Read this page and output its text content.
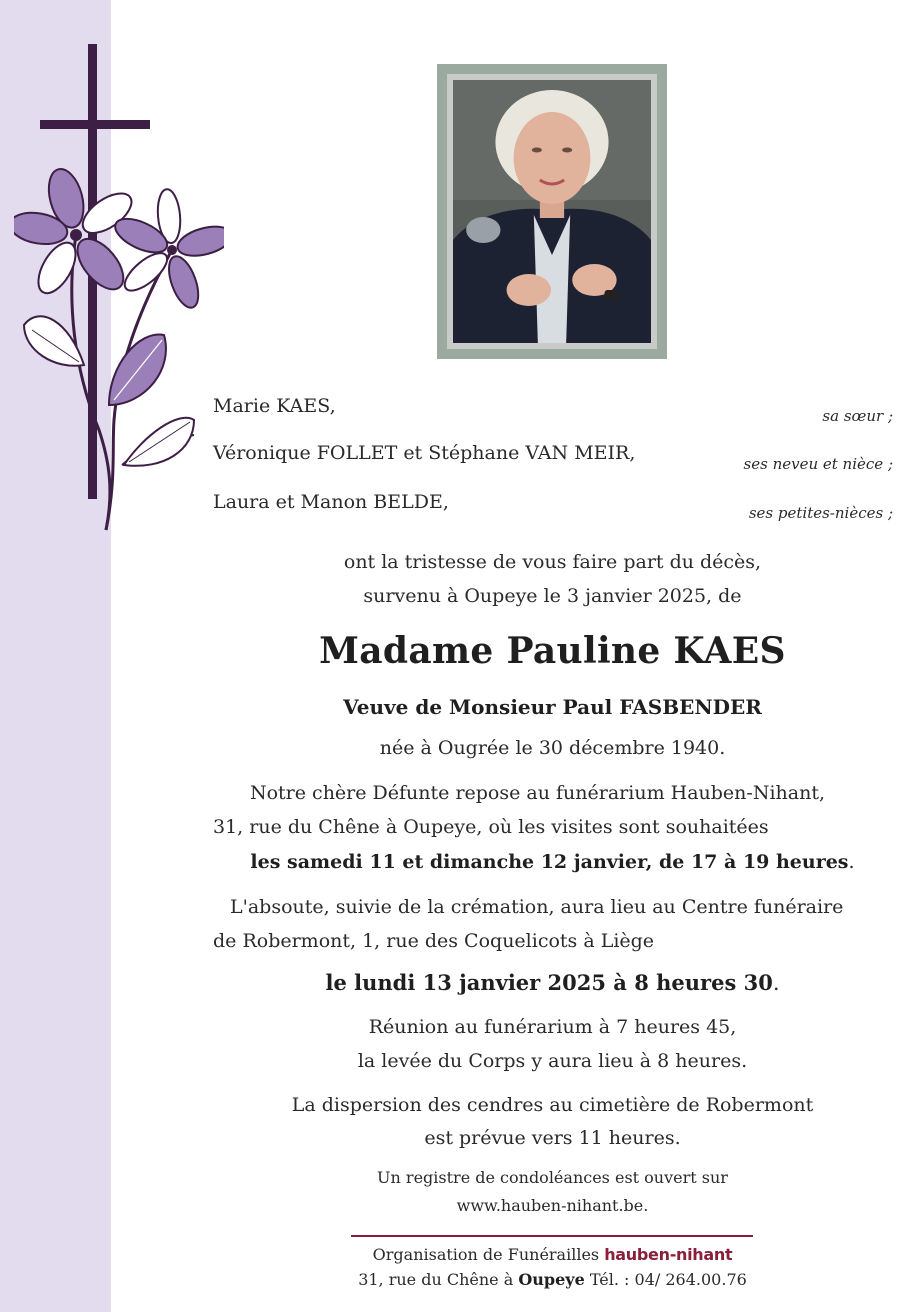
Marie KAES,	sa sœur ;
Véronique FOLLET et Stéphane VAN MEIR,	ses neveu et nièce ;
Laura et Manon BELDE,	ses petites-nièces ;
ont la tristesse de vous faire part du décès,
survenu à Oupeye le 3 janvier 2025, de
Madame Pauline KAES
Veuve de Monsieur Paul FASBENDER
née à Ougrée le 30 décembre 1940.
Notre chère Défunte repose au funérarium Hauben-Nihant,
31, rue du Chêne à Oupeye, où les visites sont souhaitées
les samedi 11 et dimanche 12 janvier, de 17 à 19 heures.
L'absoute, suivie de la crémation, aura lieu au Centre funéraire
de Robermont, 1, rue des Coquelicots à Liège
le lundi 13 janvier 2025 à 8 heures 30.
Réunion au funérarium à 7 heures 45,
la levée du Corps y aura lieu à 8 heures.
La dispersion des cendres au cimetière de Robermont
est prévue vers 11 heures.
Un registre de condoléances est ouvert sur
www.hauben-nihant.be.
Organisation de Funérailles hauben-nihant
31, rue du Chêne à Oupeye Tél. : 04/ 264.00.76
